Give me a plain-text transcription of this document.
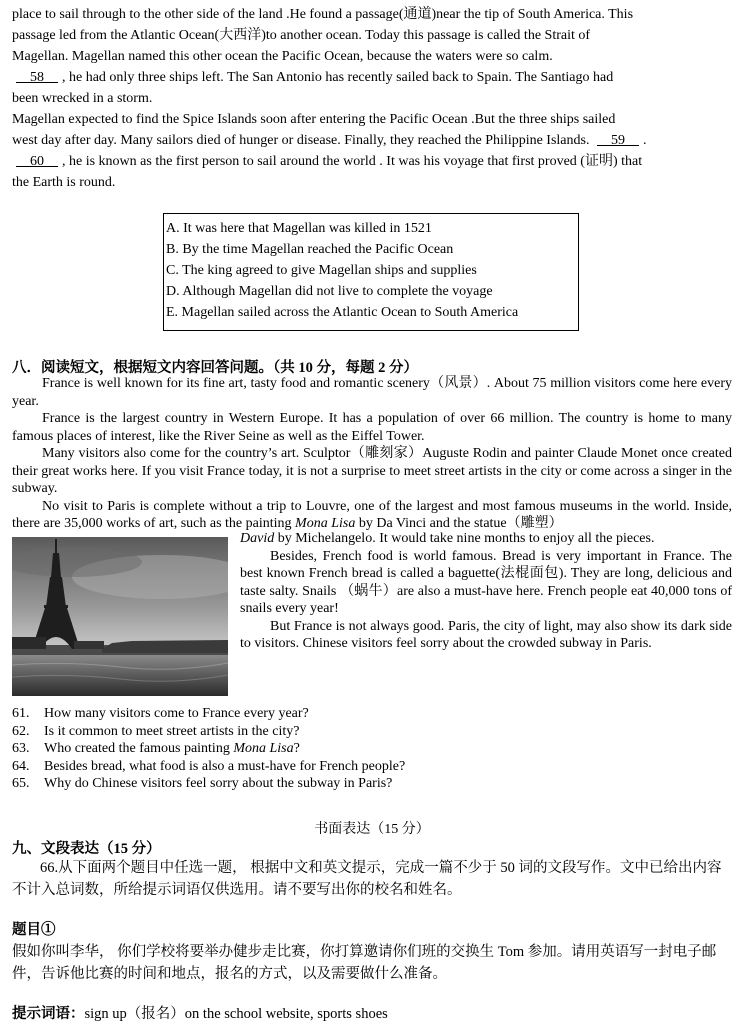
place to sail through to the other side of the land .He found a passage(通道)near the tip of South America. This

passage led from the Atlantic Ocean(大西洋)to another ocean. Today this passage is called the Strait of

Magellan. Magellan named this other ocean the Pacific Ocean, because the waters were so calm.

58 , he had only three ships left. The San Antonio has recently sailed back to Spain. The Santiago had

been wrecked in a storm.

Magellan expected to find the Spice Islands soon after entering the Pacific Ocean .But the three ships sailed

west day after day. Many sailors died of hunger or disease. Finally, they reached the Philippine Islands. 59 .

60 , he is known as the first person to sail around the world . It was his voyage that first proved (证明) that

the Earth is round.

A. It was here that Magellan was killed in 1521
B. By the time Magellan reached the Pacific Ocean
C. The king agreed to give Magellan ships and supplies
D. Although Magellan did not live to complete the voyage
E. Magellan sailed across the Atlantic Ocean to South America
八．阅读短文，根据短文内容回答问题。（共 10 分，每题 2 分）

France is well known for its fine art, tasty food and romantic scenery（风景）. About 75 million visitors come here every year.

France is the largest country in Western Europe. It has a population of over 66 million. The country is home to many famous places of interest, like the River Seine as well as the Eiffel Tower.

Many visitors also come for the country’s art. Sculptor（雕刻家）Auguste Rodin and painter Claude Monet once created their great works here. If you visit France today, it is not a surprise to meet street artists in the city or come across a singer in the subway.

No visit to Paris is complete without a trip to Louvre, one of the largest and most famous museums in the world. Inside, there are 35,000 works of art, such as the painting Mona Lisa by Da Vinci and the statue（雕塑）

David by Michelangelo. It would take nine months to enjoy all the pieces.

Besides, French food is world famous. Bread is very important in France. The best known French bread is called a baguette(法棍面包). They are long, delicious and taste salty. Snails （蜗牛）are also a must-have here. French people eat 40,000 tons of snails every year!

But France is not always good. Paris, the city of light, may also show its dark side to visitors. Chinese visitors feel sorry about the crowded subway in Paris.

61. How many visitors come to France every year?
62. Is it common to meet street artists in the city?
63. Who created the famous painting Mona Lisa?
64. Besides bread, what food is also a must-have for French people?
65. Why do Chinese visitors feel sorry about the subway in Paris?
书面表达（15 分）
九、文段表达（15 分）
66.从下面两个题目中任选一题， 根据中文和英文提示，完成一篇不少于 50 词的文段写作。文中已给出内容不计入总词数，所给提示词语仅供选用。请不要写出你的校名和姓名。
题目①
假如你叫李华， 你们学校将要举办健步走比赛，你打算邀请你们班的交换生 Tom 参加。请用英语写一封电子邮件，告诉他比赛的时间和地点，报名的方式，以及需要做什么准备。
提示词语：sign up（报名）on the school website, sports shoes
